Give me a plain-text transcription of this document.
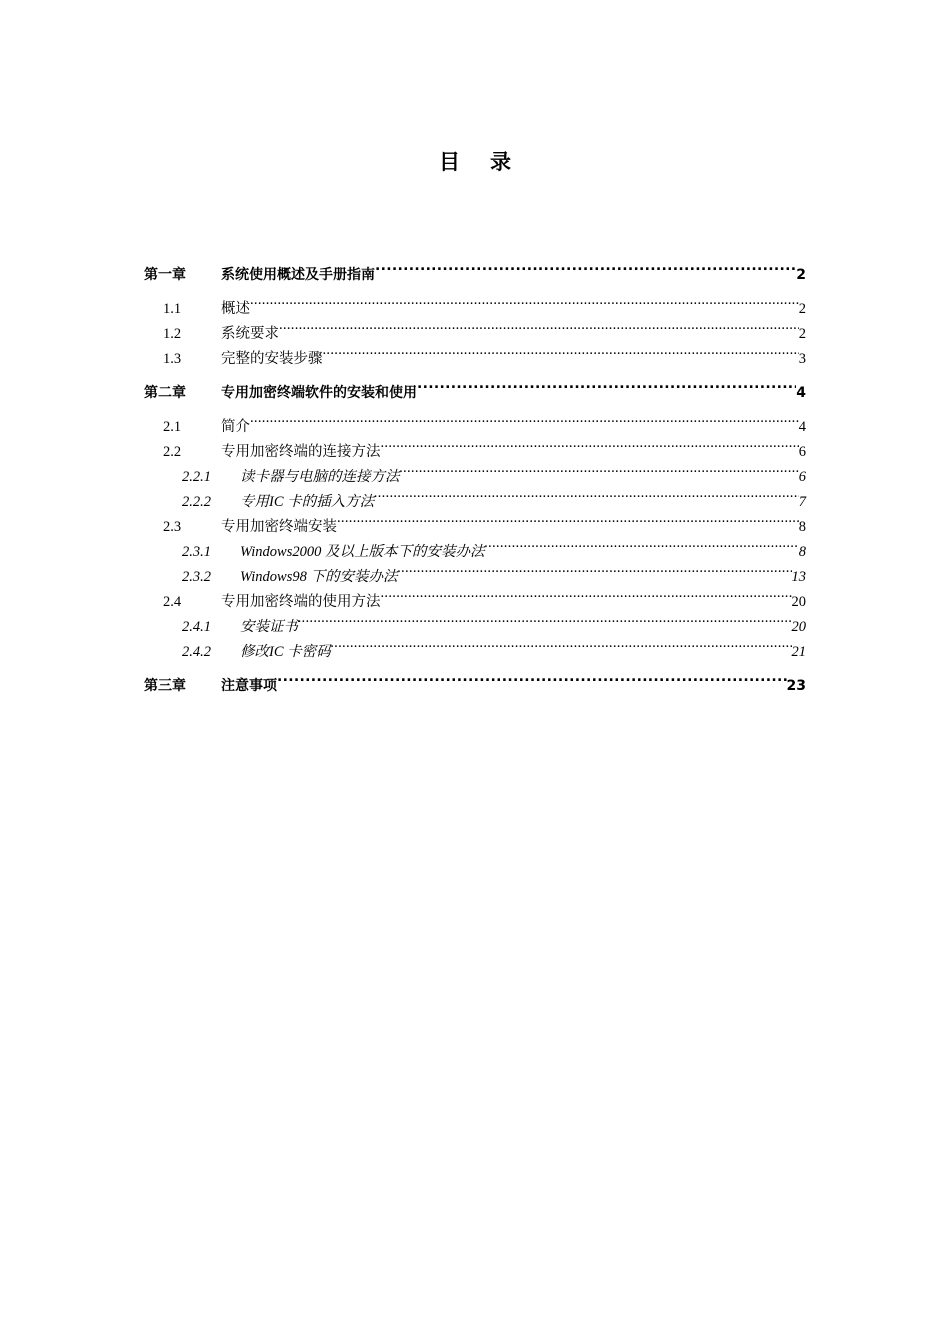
目 录
第一章	系统使用概述及手册指南 .....	2
1.1	概述 .....	2
1.2	系统要求 .....	2
1.3	完整的安装步骤 .....	3
第二章	专用加密终端软件的安装和使用 .....	4
2.1	简介 .....	4
2.2	专用加密终端的连接方法 .....	6
2.2.1	读卡器与电脑的连接方法 .....	6
2.2.2	专用IC 卡的插入方法 .....	7
2.3	专用加密终端安装 .....	8
2.3.1	Windows2000 及以上版本下的安装办法 .....	8
2.3.2	Windows98 下的安装办法 .....	13
2.4	专用加密终端的使用方法 .....	20
2.4.1	安装证书 .....	20
2.4.2	修改IC 卡密码 .....	21
第三章	注意事项 .....	23
